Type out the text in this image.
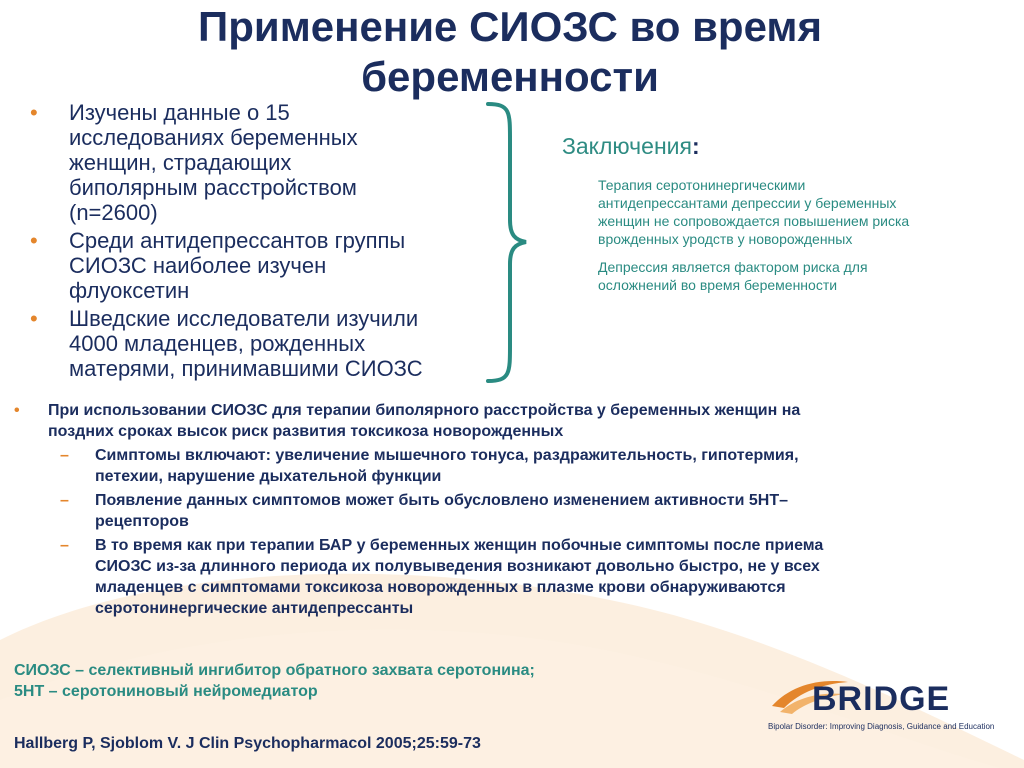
Применение СИОЗС во время
беременности
• Изучены данные о 15
исследованиях беременных
женщин, страдающих
биполярным расстройством
(n=2600)
• Среди антидепрессантов группы
СИОЗС наиболее изучен
флуоксетин
• Шведские исследователи изучили
4000 младенцев, рожденных
матерями, принимавшими СИОЗС

Заключения:

Терапия серотонинергическими
антидепрессантами депрессии у беременных
женщин не сопровождается повышением риска
врожденных уродств у новорожденных

Депрессия является фактором риска для
осложнений во время беременности

• При использовании СИОЗС для терапии биполярного расстройства у беременных женщин на
поздних сроках высок риск развития токсикоза новорожденных

– Симптомы включают: увеличение мышечного тонуса, раздражительность, гипотермия,
петехии, нарушение дыхательной функции

– Появление данных симптомов может быть обусловлено изменением активности 5НТ–
рецепторов

– В то время как при терапии БАР у беременных женщин побочные симптомы после приема
СИОЗС из-за длинного периода их полувыведения возникают довольно быстро, не у всех
младенцев с симптомами токсикоза новорожденных в плазме крови обнаруживаются
серотонинергические антидепрессанты

СИОЗС – селективный ингибитор обратного захвата серотонина;

5НТ – серотониновый нейромедиатор

Hallberg P, Sjoblom V. J Clin Psychopharmacol 2005;25:59-73

BRIDGE
Bipolar Disorder: Improving Diagnosis, Guidance and Education
